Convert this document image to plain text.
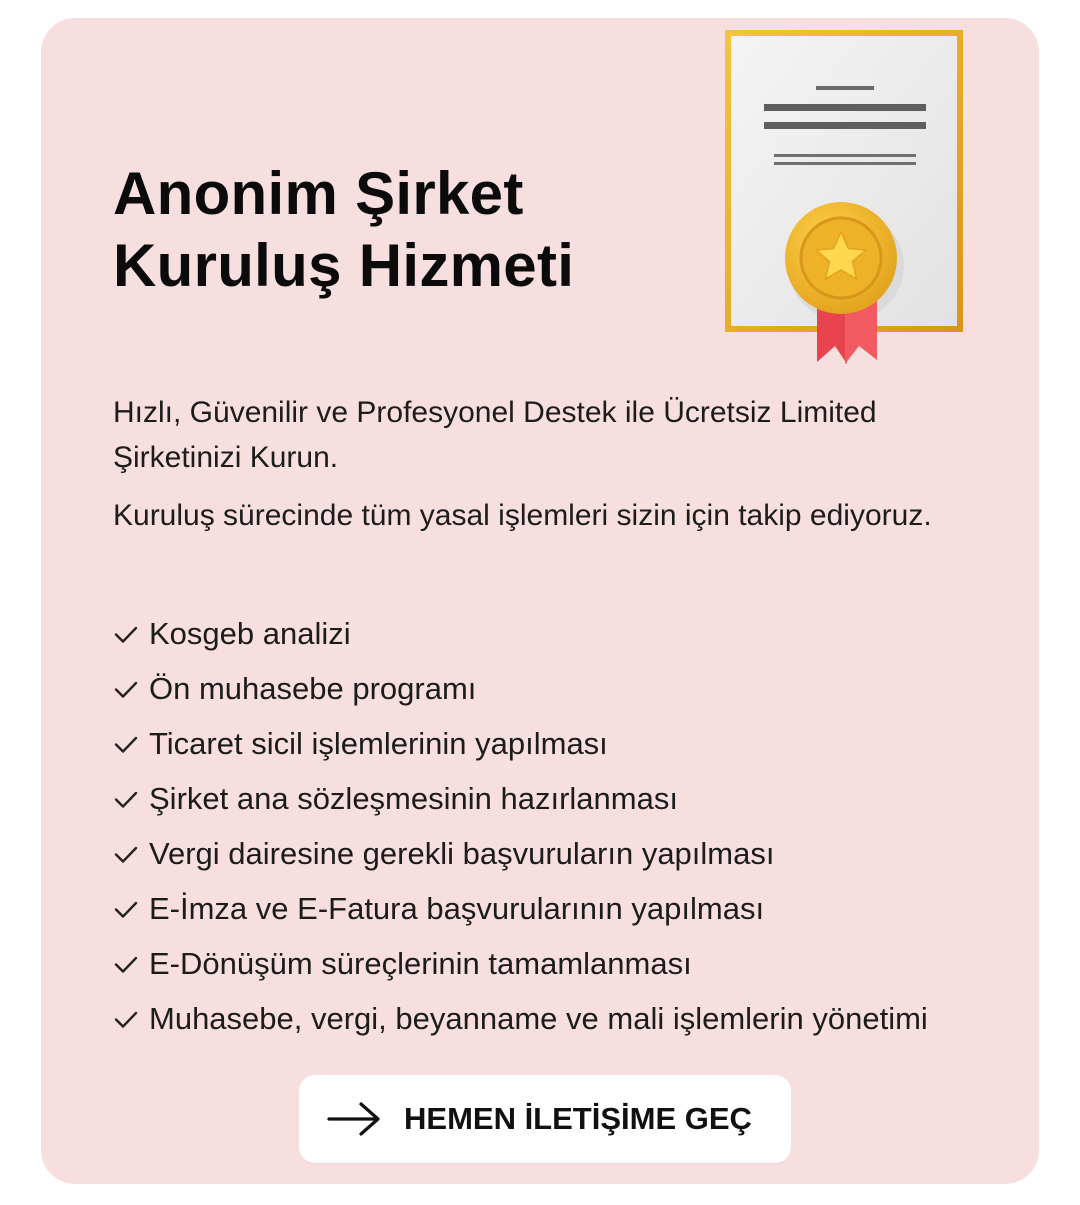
Anonim Şirket
Kuruluş Hizmeti

Hızlı, Güvenilir ve Profesyonel Destek ile Ücretsiz Limited Şirketinizi Kurun.

Kuruluş sürecinde tüm yasal işlemleri sizin için takip ediyoruz.

Kosgeb analizi
Ön muhasebe programı
Ticaret sicil işlemlerinin yapılması
Şirket ana sözleşmesinin hazırlanması
Vergi dairesine gerekli başvuruların yapılması
E-İmza ve E-Fatura başvurularının yapılması
E-Dönüşüm süreçlerinin tamamlanması
Muhasebe, vergi, beyanname ve mali işlemlerin yönetimi
HEMEN İLETİŞİME GEÇ
